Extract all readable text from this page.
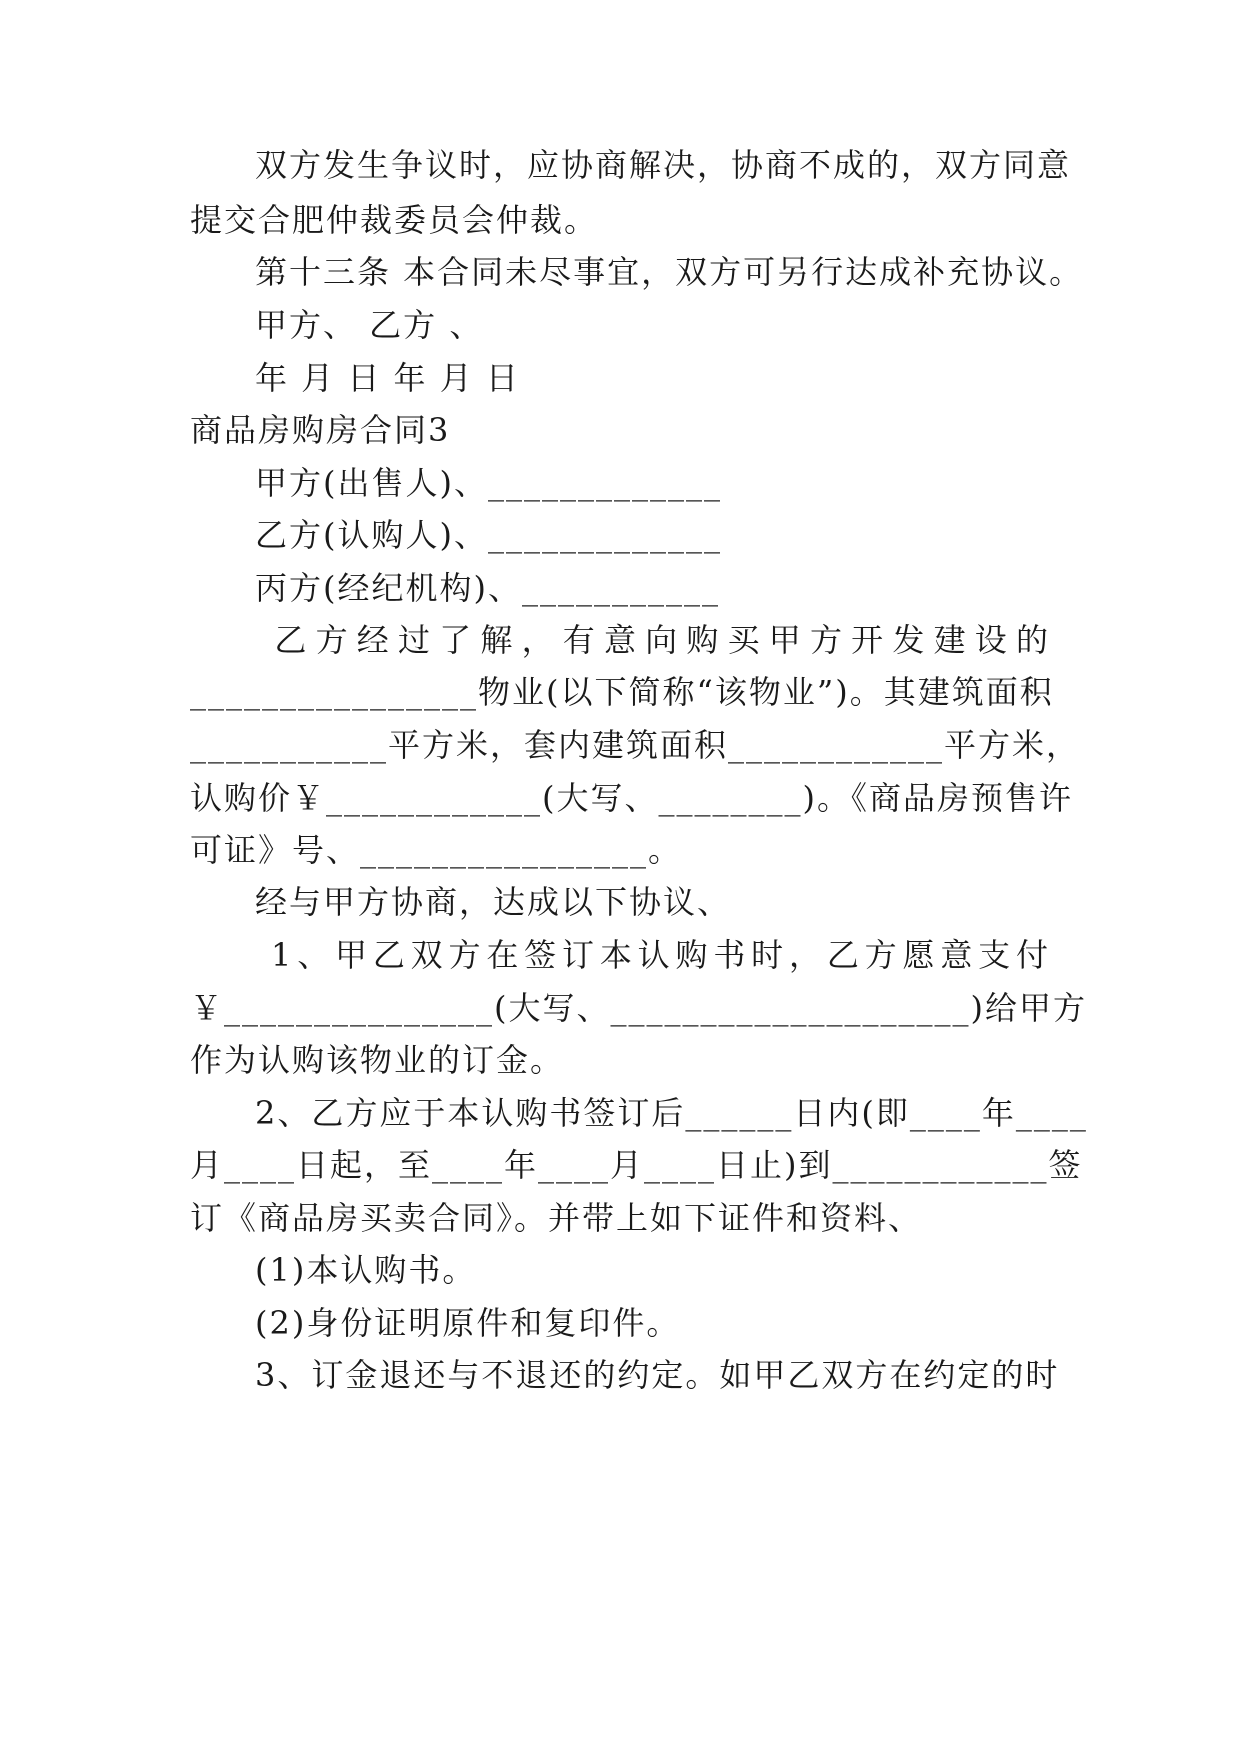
双方发生争议时，应协商解决，协商不成的，双方同意
提交合肥仲裁委员会仲裁。
第十三条 本合同未尽事宜，双方可另行达成补充协议。
甲方、 乙方 、
年 月 日 年 月 日
商品房购房合同3
甲方(出售人)、_____________
乙方(认购人)、_____________
丙方(经纪机构)、___________
乙方经过了解，有意向购买甲方开发建设的
________________物业(以下简称“该物业”)。其建筑面积
___________平方米，套内建筑面积____________平方米，
认购价￥____________(大写、________)。《商品房预售许
可证》号、________________。
经与甲方协商，达成以下协议、
1、甲乙双方在签订本认购书时，乙方愿意支付
￥_______________(大写、____________________)给甲方
作为认购该物业的订金。
2、乙方应于本认购书签订后______日内(即____年____
月____日起，至____年____月____日止)到____________签
订《商品房买卖合同》。并带上如下证件和资料、
(1)本认购书。
(2)身份证明原件和复印件。
3、订金退还与不退还的约定。如甲乙双方在约定的时
